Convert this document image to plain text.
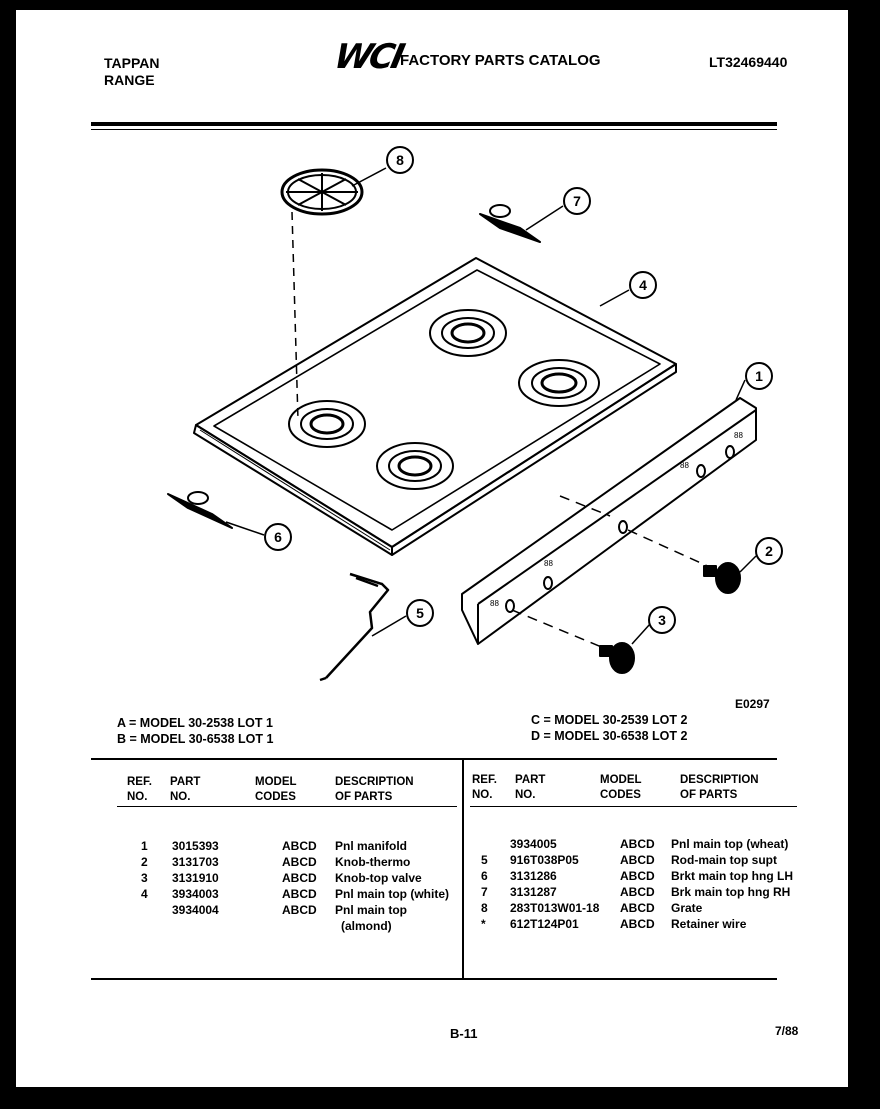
TAPPAN
RANGE
WCI
FACTORY PARTS CATALOG	LT32469440
88
88
88
88
8
7
4
1
2
3
5
6
E0297
A = MODEL 30-2538 LOT 1
B = MODEL 30-6538 LOT 1
C = MODEL 30-2539 LOT 2
D = MODEL 30-6538 LOT 2
REF.
NO.
PART
NO.
MODEL
CODES
DESCRIPTION
OF PARTS
REF.
NO.
PART
NO.
MODEL
CODES
DESCRIPTION
OF PARTS
1
2
3
4
3015393
3131703
3131910
3934003
3934004
ABCD
ABCD
ABCD
ABCD
ABCD
Pnl manifold
Knob-thermo
Knob-top valve
Pnl main top (white)
Pnl main top
(almond)
5
6
7
8
*
3934005
916T038P05
3131286
3131287
283T013W01-18
612T124P01
ABCD
ABCD
ABCD
ABCD
ABCD
ABCD
Pnl main top (wheat)
Rod-main top supt
Brkt main top hng LH
Brk main top hng RH
Grate
Retainer wire
B-11	7/88
